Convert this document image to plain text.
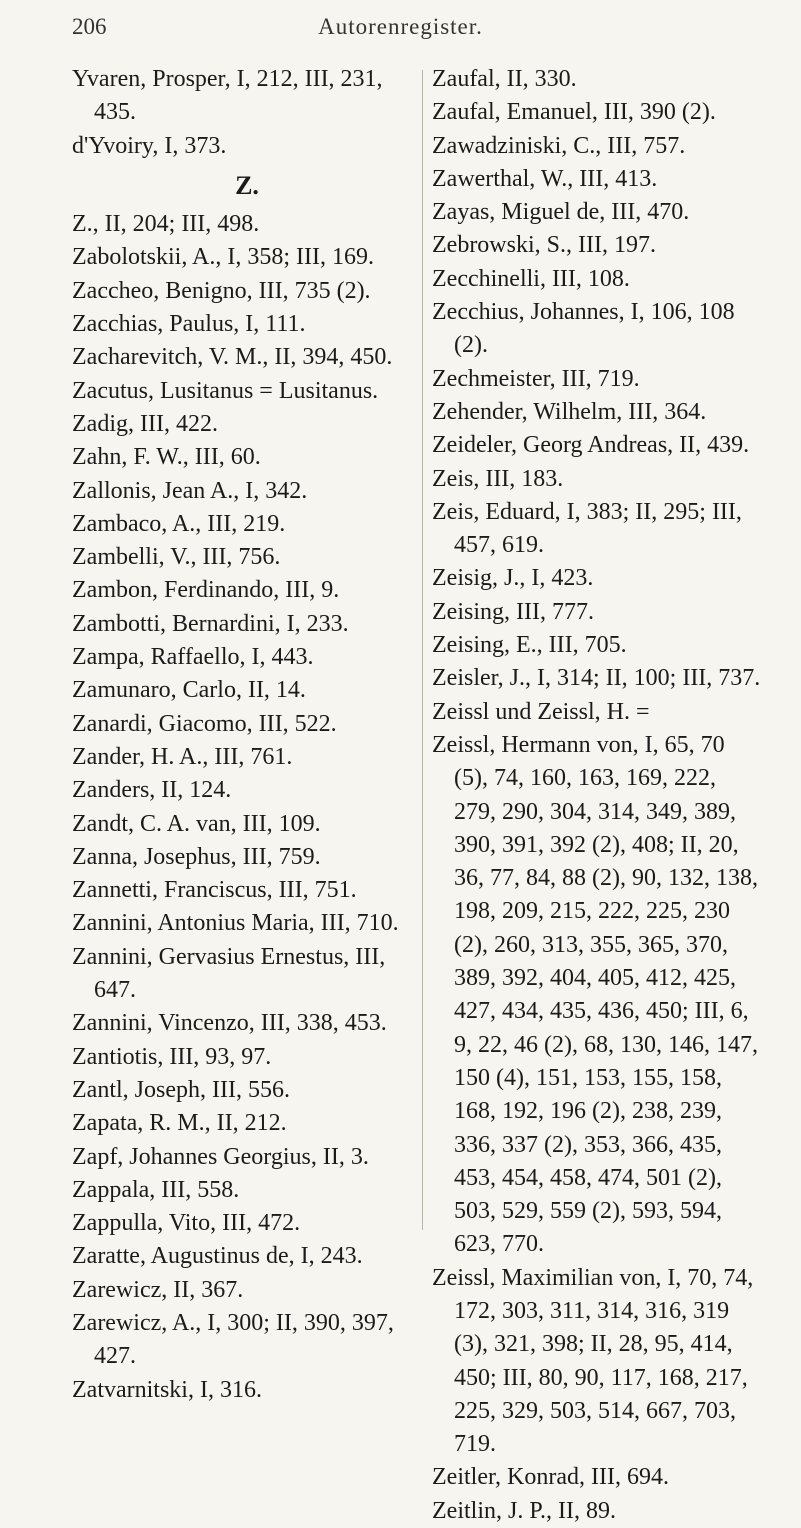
206	Autorenregister.
Yvaren, Prosper, I, 212, III, 231, 435.
d'Yvoiry, I, 373.
Z.
Z., II, 204; III, 498.
Zabolotskii, A., I, 358; III, 169.
Zaccheo, Benigno, III, 735 (2).
Zacchias, Paulus, I, 111.
Zacharevitch, V. M., II, 394, 450.
Zacutus, Lusitanus = Lusitanus.
Zadig, III, 422.
Zahn, F. W., III, 60.
Zallonis, Jean A., I, 342.
Zambaco, A., III, 219.
Zambelli, V., III, 756.
Zambon, Ferdinando, III, 9.
Zambotti, Bernardini, I, 233.
Zampa, Raffaello, I, 443.
Zamunaro, Carlo, II, 14.
Zanardi, Giacomo, III, 522.
Zander, H. A., III, 761.
Zanders, II, 124.
Zandt, C. A. van, III, 109.
Zanna, Josephus, III, 759.
Zannetti, Franciscus, III, 751.
Zannini, Antonius Maria, III, 710.
Zannini, Gervasius Ernestus, III, 647.
Zannini, Vincenzo, III, 338, 453.
Zantiotis, III, 93, 97.
Zantl, Joseph, III, 556.
Zapata, R. M., II, 212.
Zapf, Johannes Georgius, II, 3.
Zappala, III, 558.
Zappulla, Vito, III, 472.
Zaratte, Augustinus de, I, 243.
Zarewicz, II, 367.
Zarewicz, A., I, 300; II, 390, 397, 427.
Zatvarnitski, I, 316.
Zaufal, II, 330.
Zaufal, Emanuel, III, 390 (2).
Zawadziniski, C., III, 757.
Zawerthal, W., III, 413.
Zayas, Miguel de, III, 470.
Zebrowski, S., III, 197.
Zecchinelli, III, 108.
Zecchius, Johannes, I, 106, 108 (2).
Zechmeister, III, 719.
Zehender, Wilhelm, III, 364.
Zeideler, Georg Andreas, II, 439.
Zeis, III, 183.
Zeis, Eduard, I, 383; II, 295; III, 457, 619.
Zeisig, J., I, 423.
Zeising, III, 777.
Zeising, E., III, 705.
Zeisler, J., I, 314; II, 100; III, 737.
Zeissl und Zeissl, H. =
Zeissl, Hermann von, I, 65, 70 (5), 74, 160, 163, 169, 222, 279, 290, 304, 314, 349, 389, 390, 391, 392 (2), 408; II, 20, 36, 77, 84, 88 (2), 90, 132, 138, 198, 209, 215, 222, 225, 230 (2), 260, 313, 355, 365, 370, 389, 392, 404, 405, 412, 425, 427, 434, 435, 436, 450; III, 6, 9, 22, 46 (2), 68, 130, 146, 147, 150 (4), 151, 153, 155, 158, 168, 192, 196 (2), 238, 239, 336, 337 (2), 353, 366, 435, 453, 454, 458, 474, 501 (2), 503, 529, 559 (2), 593, 594, 623, 770.
Zeissl, Maximilian von, I, 70, 74, 172, 303, 311, 314, 316, 319 (3), 321, 398; II, 28, 95, 414, 450; III, 80, 90, 117, 168, 217, 225, 329, 503, 514, 667, 703, 719.
Zeitler, Konrad, III, 694.
Zeitlin, J. P., II, 89.
